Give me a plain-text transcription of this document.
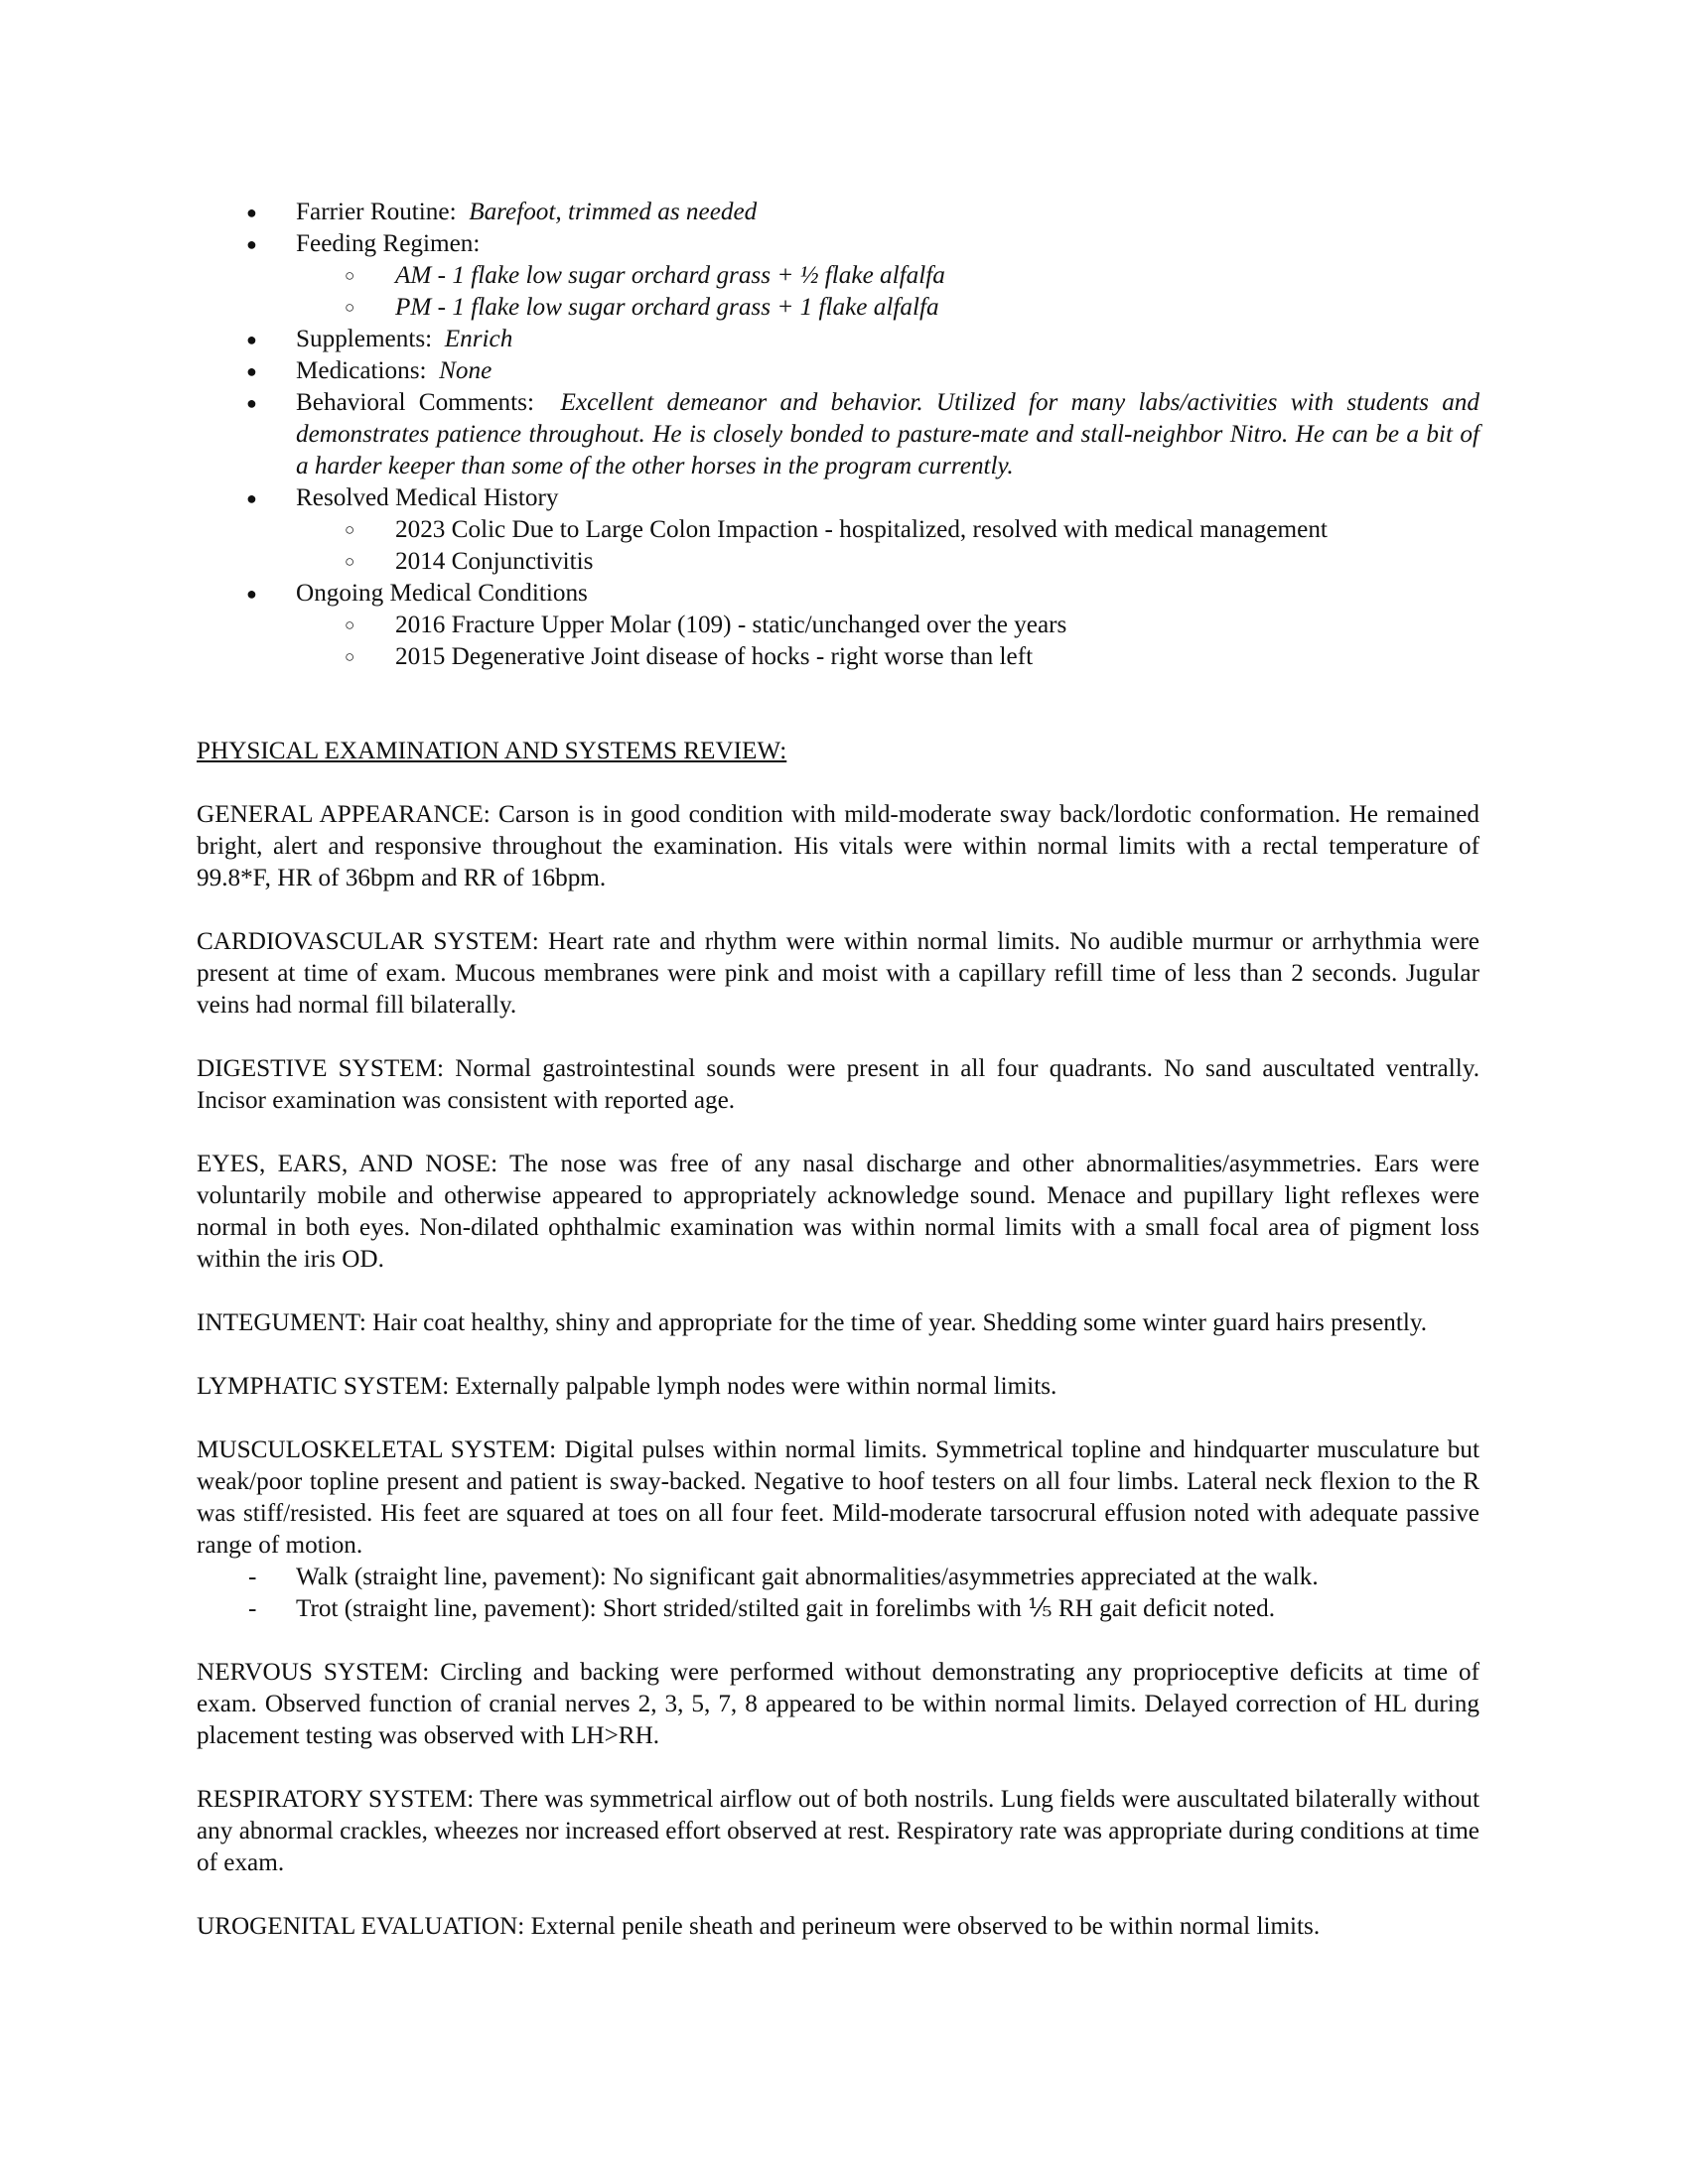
● Farrier Routine: Barefoot, trimmed as needed
● Feeding Regimen:
○ AM - 1 flake low sugar orchard grass + ½ flake alfalfa
○ PM - 1 flake low sugar orchard grass + 1 flake alfalfa
● Supplements: Enrich
● Medications: None
● Behavioral Comments: Excellent demeanor and behavior. Utilized for many labs/activities with students and demonstrates patience throughout. He is closely bonded to pasture-mate and stall-neighbor Nitro. He can be a bit of a harder keeper than some of the other horses in the program currently.
● Resolved Medical History
○ 2023 Colic Due to Large Colon Impaction - hospitalized, resolved with medical management
○ 2014 Conjunctivitis
● Ongoing Medical Conditions
○ 2016 Fracture Upper Molar (109) - static/unchanged over the years
○ 2015 Degenerative Joint disease of hocks - right worse than left
PHYSICAL EXAMINATION AND SYSTEMS REVIEW:

GENERAL APPEARANCE: Carson is in good condition with mild-moderate sway back/lordotic conformation. He remained bright, alert and responsive throughout the examination. His vitals were within normal limits with a rectal temperature of 99.8*F, HR of 36bpm and RR of 16bpm.

CARDIOVASCULAR SYSTEM: Heart rate and rhythm were within normal limits. No audible murmur or arrhythmia were present at time of exam. Mucous membranes were pink and moist with a capillary refill time of less than 2 seconds. Jugular veins had normal fill bilaterally.

DIGESTIVE SYSTEM: Normal gastrointestinal sounds were present in all four quadrants. No sand auscultated ventrally. Incisor examination was consistent with reported age.

EYES, EARS, AND NOSE: The nose was free of any nasal discharge and other abnormalities/asymmetries. Ears were voluntarily mobile and otherwise appeared to appropriately acknowledge sound. Menace and pupillary light reflexes were normal in both eyes. Non-dilated ophthalmic examination was within normal limits with a small focal area of pigment loss within the iris OD.

INTEGUMENT: Hair coat healthy, shiny and appropriate for the time of year. Shedding some winter guard hairs presently.

LYMPHATIC SYSTEM: Externally palpable lymph nodes were within normal limits.

MUSCULOSKELETAL SYSTEM: Digital pulses within normal limits. Symmetrical topline and hindquarter musculature but weak/poor topline present and patient is sway-backed. Negative to hoof testers on all four limbs. Lateral neck flexion to the R was stiff/resisted. His feet are squared at toes on all four feet. Mild-moderate tarsocrural effusion noted with adequate passive range of motion.

- Walk (straight line, pavement): No significant gait abnormalities/asymmetries appreciated at the walk.
- Trot (straight line, pavement): Short strided/stilted gait in forelimbs with ⅕ RH gait deficit noted.

NERVOUS SYSTEM: Circling and backing were performed without demonstrating any proprioceptive deficits at time of exam. Observed function of cranial nerves 2, 3, 5, 7, 8 appeared to be within normal limits. Delayed correction of HL during placement testing was observed with LH>RH.

RESPIRATORY SYSTEM: There was symmetrical airflow out of both nostrils. Lung fields were auscultated bilaterally without any abnormal crackles, wheezes nor increased effort observed at rest. Respiratory rate was appropriate during conditions at time of exam.

UROGENITAL EVALUATION: External penile sheath and perineum were observed to be within normal limits.
